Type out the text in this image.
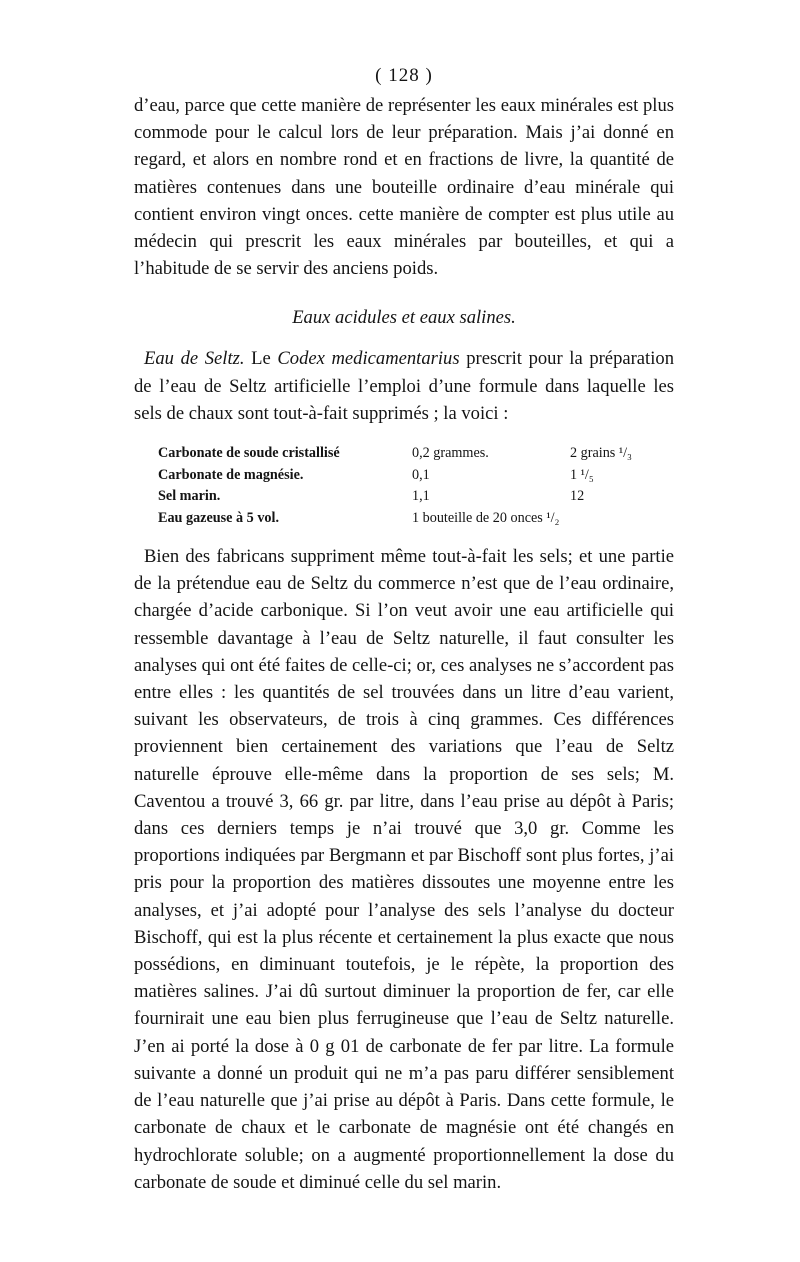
( 128 )

d’eau, parce que cette manière de représenter les eaux minérales est plus commode pour le calcul lors de leur préparation. Mais j’ai donné en regard, et alors en nombre rond et en fractions de livre, la quantité de matières contenues dans une bouteille ordinaire d’eau minérale qui contient environ vingt onces. cette manière de compter est plus utile au médecin qui prescrit les eaux minérales par bouteilles, et qui a l’habitude de se servir des anciens poids.

Eaux acidules et eaux salines.

Eau de Seltz. Le Codex medicamentarius prescrit pour la préparation de l’eau de Seltz artificielle l’emploi d’une formule dans laquelle les sels de chaux sont tout-à-fait supprimés ; la voici :

Carbonate de soude cristallisé	0,2 grammes.	2 grains ¹/₃
Carbonate de magnésie.	0,1	1 ¹/₅
Sel marin.	1,1	12
Eau gazeuse à 5 vol.	1 bouteille de 20 onces ¹/₂	

Bien des fabricans suppriment même tout-à-fait les sels; et une partie de la prétendue eau de Seltz du commerce n’est que de l’eau ordinaire, chargée d’acide carbonique. Si l’on veut avoir une eau artificielle qui ressemble davantage à l’eau de Seltz naturelle, il faut consulter les analyses qui ont été faites de celle-ci; or, ces analyses ne s’accordent pas entre elles : les quantités de sel trouvées dans un litre d’eau varient, suivant les observateurs, de trois à cinq grammes. Ces différences proviennent bien certainement des variations que l’eau de Seltz naturelle éprouve elle-même dans la proportion de ses sels; M. Caventou a trouvé 3, 66 gr. par litre, dans l’eau prise au dépôt à Paris; dans ces derniers temps je n’ai trouvé que 3,0 gr. Comme les proportions indiquées par Bergmann et par Bischoff sont plus fortes, j’ai pris pour la proportion des matières dissoutes une moyenne entre les analyses, et j’ai adopté pour l’analyse des sels l’analyse du docteur Bischoff, qui est la plus récente et certainement la plus exacte que nous possédions, en diminuant toutefois, je le répète, la proportion des matières salines. J’ai dû surtout diminuer la proportion de fer, car elle fournirait une eau bien plus ferrugineuse que l’eau de Seltz naturelle. J’en ai porté la dose à 0 g 01 de carbonate de fer par litre. La formule suivante a donné un produit qui ne m’a pas paru différer sensiblement de l’eau naturelle que j’ai prise au dépôt à Paris. Dans cette formule, le carbonate de chaux et le carbonate de magnésie ont été changés en hydrochlorate soluble; on a augmenté proportionnellement la dose du carbonate de soude et diminué celle du sel marin.
